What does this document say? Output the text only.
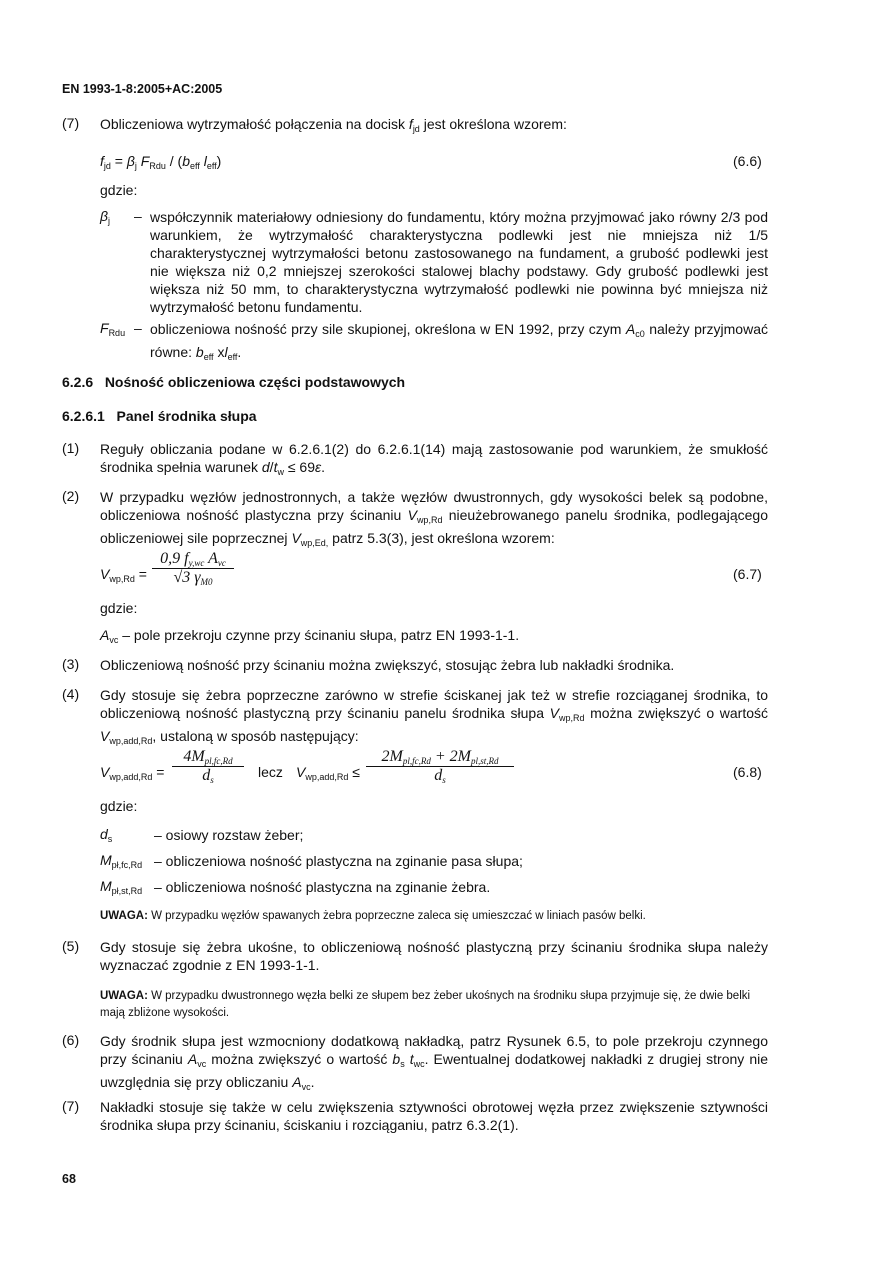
EN 1993-1-8:2005+AC:2005
(7) Obliczeniowa wytrzymałość połączenia na docisk $f_{jd}$ jest określona wzorem:
$f_{jd} = \beta_j$ $F_{Rdu} / (b_{eff}$ $l_{eff}$)	(6.6)
gdzie:
$\beta_j$ – współczynnik materiałowy odniesiony do fundamentu, który można przyjmować jako równy 2/3 pod warunkiem, że wytrzymałość charakterystyczna podlewki jest nie mniejsza niż 1/5 charakterystycznej wytrzymałości betonu zastosowanego na fundament, a grubość podlewki jest nie większa niż 0,2 mniejszej szerokości stalowej blachy podstawy. Gdy grubość podlewki jest większa niż 50 mm, to charakterystyczna wytrzymałość podlewki nie powinna być mniejsza niż wytrzymałość betonu fundamentu.
$F_{Rdu}$ – obliczeniowa nośność przy sile skupionej, określona w EN 1992, przy czym $A_{c0}$ należy przyjmować równe: $b_{eff}$ $xl_{eff}$.
6.2.6 Nośność obliczeniowa części podstawowych
6.2.6.1 Panel środnika słupa
(1) Reguły obliczania podane w 6.2.6.1(2) do 6.2.6.1(14) mają zastosowanie pod warunkiem, że smukłość środnika spełnia warunek $d/t_w \le 69\varepsilon$.
(2) W przypadku węzłów jednostronnych, a także węzłów dwustronnych, gdy wysokości belek są podobne, obliczeniowa nośność plastyczna przy ścinaniu $V_{wp,Rd}$ nieużebrowanego panelu środnika, podlegającego obliczeniowej sile poprzecznej $V_{wp,Ed,}$ patrz 5.3(3), jest określona wzorem:
$V_{wp,Rd}$ =
0,9 $f_{y,wc}$ $A_{vc}$
√3 $\gamma_{M0}$	(6.7)
gdzie:
$A_{vc}$ – pole przekroju czynne przy ścinaniu słupa, patrz EN 1993-1-1.
(3) Obliczeniową nośność przy ścinaniu można zwiększyć, stosując żebra lub nakładki środnika.
(4) Gdy stosuje się żebra poprzeczne zarówno w strefie ściskanej jak też w strefie rozciąganej środnika, to obliczeniową nośność plastyczną przy ścinaniu panelu środnika słupa $V_{wp,Rd}$ można zwiększyć o wartość $V_{wp,add,Rd}$, ustaloną w sposób następujący:
$V_{wp,add,Rd}$ =
$4M_{pl,fc,Rd}$
$d_s$	lecz $V_{wp,add,Rd}$ ≤
$2M_{pl,fc,Rd} + 2M_{pl,st,Rd}$
$d_s$	(6.8)
gdzie:
$d_s$	– osiowy rozstaw żeber;
$M_{pł,fc,Rd}$ – obliczeniowa nośność plastyczna na zginanie pasa słupa;
$M_{pł,st,Rd}$ – obliczeniowa nośność plastyczna na zginanie żebra.
UWAGA: W przypadku węzłów spawanych żebra poprzeczne zaleca się umieszczać w liniach pasów belki.
(5) Gdy stosuje się żebra ukośne, to obliczeniową nośność plastyczną przy ścinaniu środnika słupa należy wyznaczać zgodnie z EN 1993-1-1.
UWAGA: W przypadku dwustronnego węzła belki ze słupem bez żeber ukośnych na środniku słupa przyjmuje się, że dwie belki mają zbliżone wysokości.
(6) Gdy środnik słupa jest wzmocniony dodatkową nakładką, patrz Rysunek 6.5, to pole przekroju czynnego przy ścinaniu $A_{vc}$ można zwiększyć o wartość $b_s$ $t_{wc}$. Ewentualnej dodatkowej nakładki z drugiej strony nie uwzględnia się przy obliczaniu $A_{vc}$.
(7) Nakładki stosuje się także w celu zwiększenia sztywności obrotowej węzła przez zwiększenie sztywności środnika słupa przy ścinaniu, ściskaniu i rozciąganiu, patrz 6.3.2(1).
68
